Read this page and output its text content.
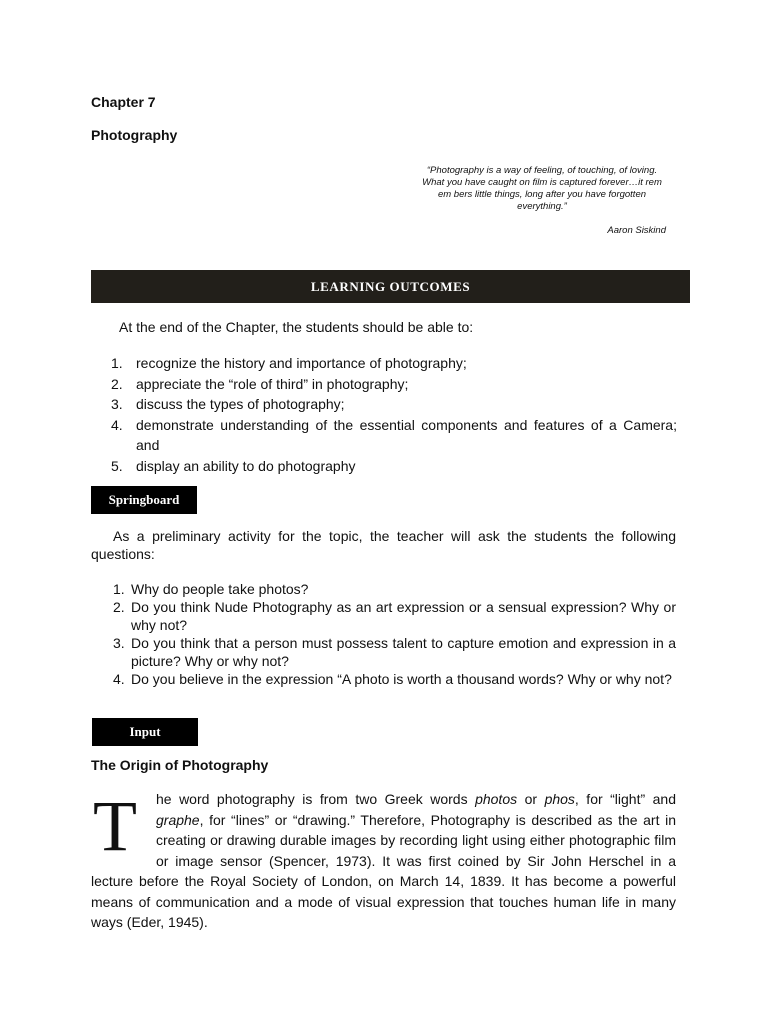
Chapter 7
Photography
“Photography is a way of feeling, of touching, of loving. What you have caught on film is captured forever…it rem em bers little things, long after you have forgotten everything.”
Aaron Siskind
LEARNING OUTCOMES
At the end of the Chapter, the students should be able to:
1. recognize the history and importance of photography;
2. appreciate the “role of third” in photography;
3. discuss the types of photography;
4. demonstrate understanding of the essential components and features of a Camera; and
5. display an ability to do photography
Springboard
As a preliminary activity for the topic, the teacher will ask the students the following questions:
1. Why do people take photos?
2. Do you think Nude Photography as an art expression or a sensual expression? Why or why not?
3. Do you think that a person must possess talent to capture emotion and expression in a picture? Why or why not?
4. Do you believe in the expression “A photo is worth a thousand words? Why or why not?
Input
The Origin of Photography
T	he word photography is from two Greek words photos or phos, for “light” and graphe, for “lines” or “drawing.” Therefore, Photography is described as the art in creating or drawing durable images by recording light using either photographic film or image sensor (Spencer, 1973). It was first coined by Sir John Herschel in a lecture before the Royal Society of London, on March 14, 1839. It has become a powerful means of communication and a mode of visual expression that touches human life in many ways (Eder, 1945).
